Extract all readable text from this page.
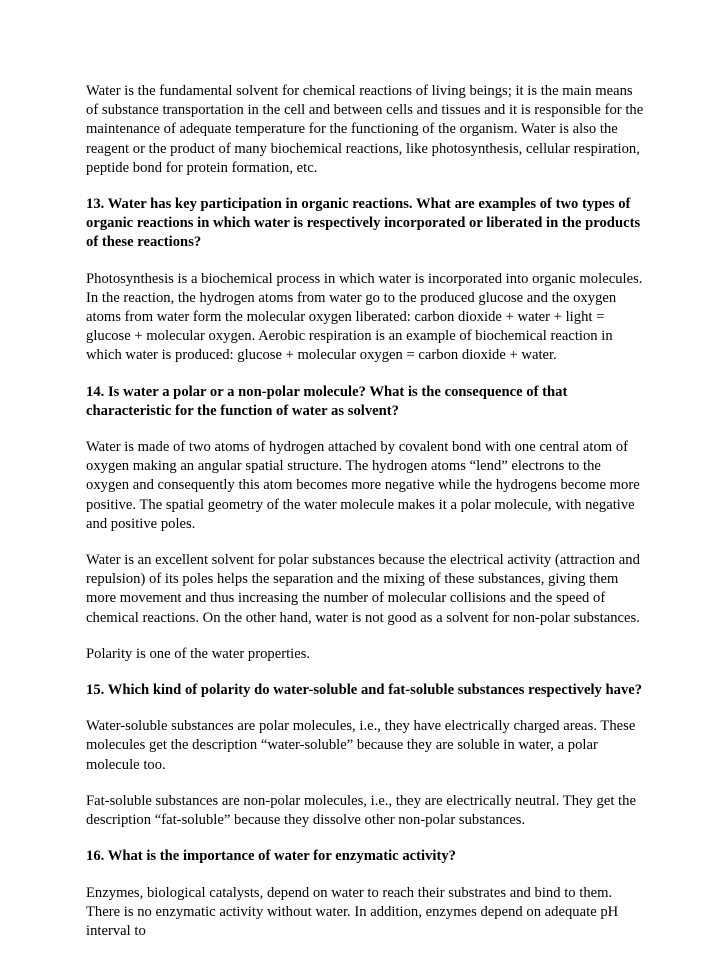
Water is the fundamental solvent for chemical reactions of living beings; it is the main means of substance transportation in the cell and between cells and tissues and it is responsible for the maintenance of adequate temperature for the functioning of the organism. Water is also the reagent or the product of many biochemical reactions, like photosynthesis, cellular respiration, peptide bond for protein formation, etc.

13. Water has key participation in organic reactions. What are examples of two types of organic reactions in which water is respectively incorporated or liberated in the products of these reactions?

Photosynthesis is a biochemical process in which water is incorporated into organic molecules. In the reaction, the hydrogen atoms from water go to the produced glucose and the oxygen atoms from water form the molecular oxygen liberated: carbon dioxide + water + light = glucose + molecular oxygen. Aerobic respiration is an example of biochemical reaction in which water is produced: glucose + molecular oxygen = carbon dioxide + water.

14. Is water a polar or a non-polar molecule? What is the consequence of that characteristic for the function of water as solvent?

Water is made of two atoms of hydrogen attached by covalent bond with one central atom of oxygen making an angular spatial structure. The hydrogen atoms “lend” electrons to the oxygen and consequently this atom becomes more negative while the hydrogens become more positive. The spatial geometry of the water molecule makes it a polar molecule, with negative and positive poles.

Water is an excellent solvent for polar substances because the electrical activity (attraction and repulsion) of its poles helps the separation and the mixing of these substances, giving them more movement and thus increasing the number of molecular collisions and the speed of chemical reactions. On the other hand, water is not good as a solvent for non-polar substances.

Polarity is one of the water properties.

15. Which kind of polarity do water-soluble and fat-soluble substances respectively have?

Water-soluble substances are polar molecules, i.e., they have electrically charged areas. These molecules get the description “water-soluble” because they are soluble in water, a polar molecule too.

Fat-soluble substances are non-polar molecules, i.e., they are electrically neutral. They get the description “fat-soluble” because they dissolve other non-polar substances.

16. What is the importance of water for enzymatic activity?

Enzymes, biological catalysts, depend on water to reach their substrates and bind to them. There is no enzymatic activity without water. In addition, enzymes depend on adequate pH interval to
